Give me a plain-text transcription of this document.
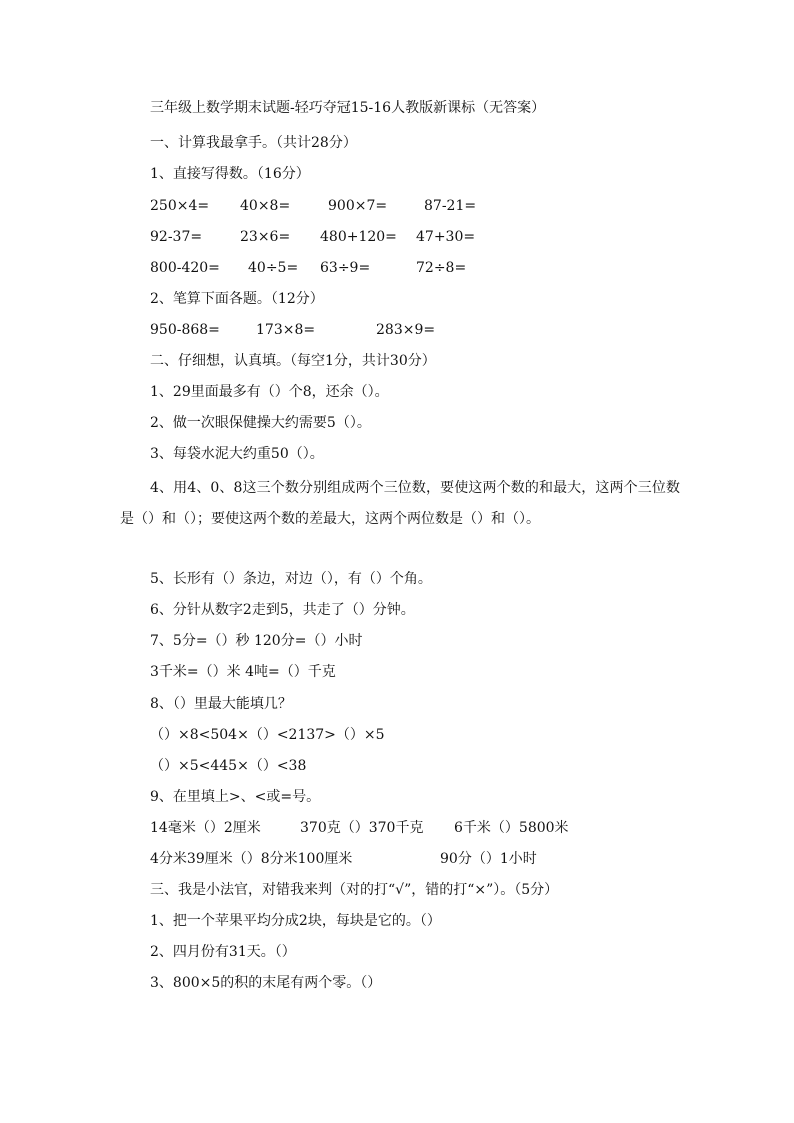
三年级上数学期末试题-轻巧夺冠15-16人教版新课标（无答案）
一、计算我最拿手。（共计28分）
1、直接写得数。（16分）
250×4= 40×8=	900×7=	87-21=
92-37=	23×6= 480+120= 47+30=
800-420= 40÷5= 63÷9=	72÷8=
2、笔算下面各题。（12分）
950-868=	173×8=	283×9=
二、仔细想，认真填。（每空1分，共计30分）
1、29里面最多有（）个8，还余（）。
2、做一次眼保健操大约需要5（）。
3、每袋水泥大约重50（）。
4、用4、0、8这三个数分别组成两个三位数，要使这两个数的和最大，这两个三位数是（）和（）；要使这两个数的差最大，这两个两位数是（）和（）。
5、长形有（）条边，对边（），有（）个角。
6、分针从数字2走到5，共走了（）分钟。
7、5分=（）秒 120分=（）小时
3千米=（）米 4吨=（）千克
8、（）里最大能填几？
（）×8<504×（）<2137>（）×5
（）×5<445×（）<38
9、在里填上>、<或=号。
14毫米（）2厘米	370克（）370千克 6千米（）5800米
4分米39厘米（）8分米100厘米	90分（）1小时
三、我是小法官，对错我来判（对的打“√”，错的打“×”）。（5分）
1、把一个苹果平均分成2块，每块是它的。（）
2、四月份有31天。（）
3、800×5的积的末尾有两个零。（）
